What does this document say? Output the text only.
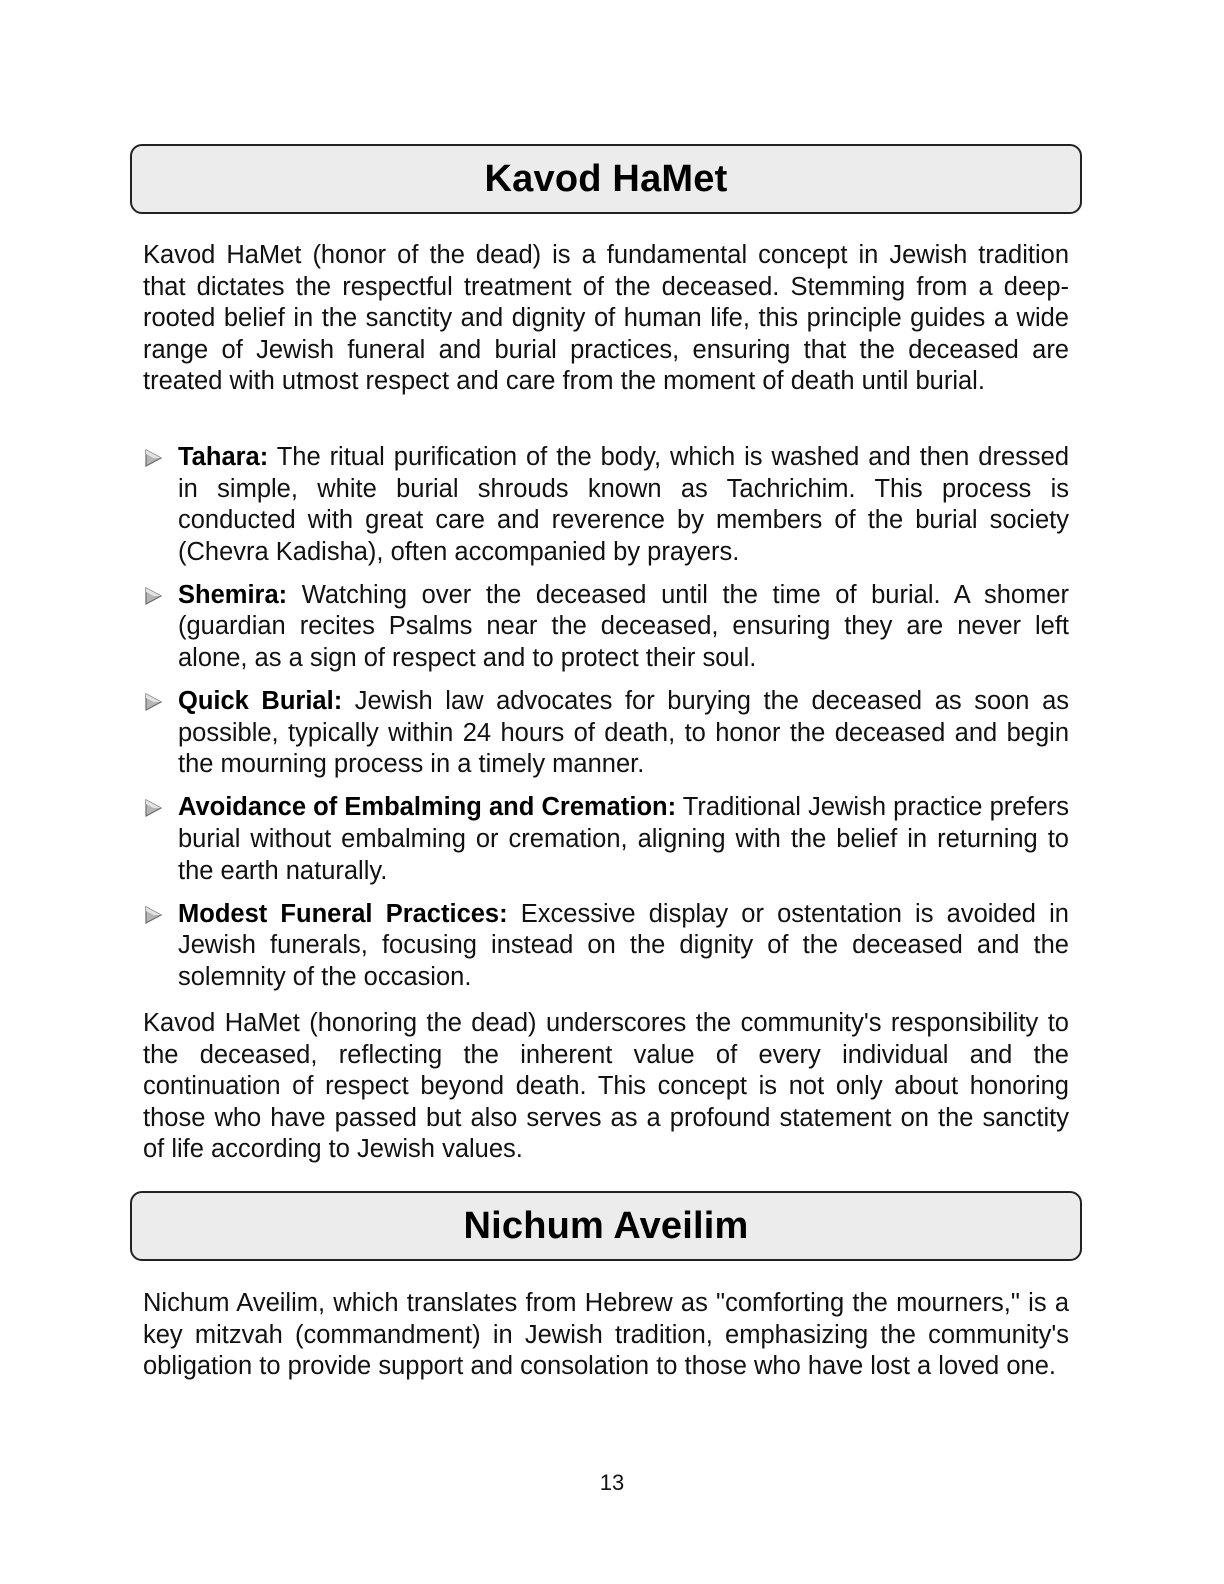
Kavod HaMet

Kavod HaMet (honor of the dead) is a fundamental concept in Jewish tradition that dictates the respectful treatment of the deceased. Stemming from a deep-rooted belief in the sanctity and dignity of human life, this principle guides a wide range of Jewish funeral and burial practices, ensuring that the deceased are treated with utmost respect and care from the moment of death until burial.

Tahara: The ritual purification of the body, which is washed and then dressed in simple, white burial shrouds known as Tachrichim. This process is conducted with great care and reverence by members of the burial society (Chevra Kadisha), often accompanied by prayers.
Shemira: Watching over the deceased until the time of burial. A shomer (guardian recites Psalms near the deceased, ensuring they are never left alone, as a sign of respect and to protect their soul.
Quick Burial: Jewish law advocates for burying the deceased as soon as possible, typically within 24 hours of death, to honor the deceased and begin the mourning process in a timely manner.
Avoidance of Embalming and Cremation: Traditional Jewish practice prefers burial without embalming or cremation, aligning with the belief in returning to the earth naturally.
Modest Funeral Practices: Excessive display or ostentation is avoided in Jewish funerals, focusing instead on the dignity of the deceased and the solemnity of the occasion.

Kavod HaMet (honoring the dead) underscores the community's responsibility to the deceased, reflecting the inherent value of every individual and the continuation of respect beyond death. This concept is not only about honoring those who have passed but also serves as a profound statement on the sanctity of life according to Jewish values.

Nichum Aveilim

Nichum Aveilim, which translates from Hebrew as "comforting the mourners," is a key mitzvah (commandment) in Jewish tradition, emphasizing the community's obligation to provide support and consolation to those who have lost a loved one.

13
